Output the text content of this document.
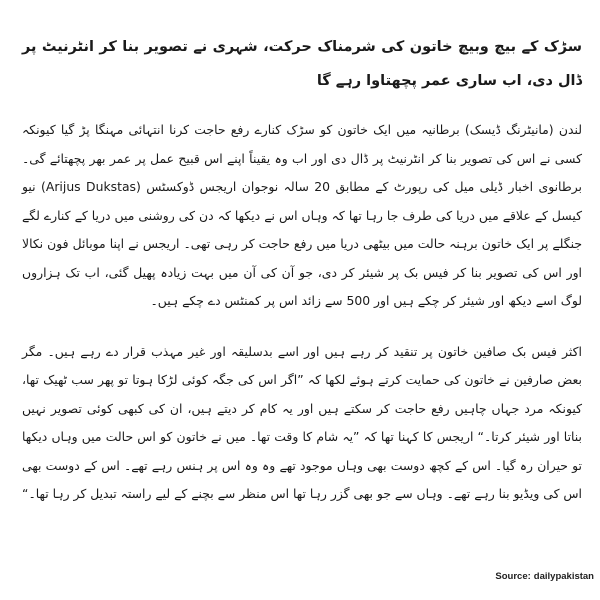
سڑک کے بیچ وبیچ خاتون کی شرمناک حرکت، شہری نے تصویر بنا کر انٹرنیٹ پر ڈال دی، اب ساری عمر پچھتاوا رہے گا

لندن (مانیٹرنگ ڈیسک) برطانیہ میں ایک خاتون کو سڑک کنارے رفع حاجت کرنا انتہائی مہنگا پڑ گیا کیونکہ کسی نے اس کی تصویر بنا کر انٹرنیٹ پر ڈال دی اور اب وہ یقیناً اپنے اس قبیح عمل پر عمر بھر پچھتائے گی۔ برطانوی اخبار ڈیلی میل کی رپورٹ کے مطابق 20 سالہ نوجوان اریجس ڈوکسٹس (Arijus Dukstas) نیو کیسل کے علاقے میں دریا کی طرف جا رہا تھا کہ وہاں اس نے دیکھا کہ دن کی روشنی میں دریا کے کنارے لگے جنگلے پر ایک خاتون برہنہ حالت میں بیٹھی دریا میں رفع حاجت کر رہی تھی۔ اریجس نے اپنا موبائل فون نکالا اور اس کی تصویر بنا کر فیس بک پر شیئر کر دی، جو آن کی آن میں بہت زیادہ پھیل گئی، اب تک ہزاروں لوگ اسے دیکھ اور شیئر کر چکے ہیں اور 500 سے زائد اس پر کمنٹس دے چکے ہیں۔

اکثر فیس بک صافین خاتون پر تنقید کر رہے ہیں اور اسے بدسلیقہ اور غیر مہذب قرار دے رہے ہیں۔ مگر بعض صارفین نے خاتون کی حمایت کرتے ہوئے لکھا کہ ”اگر اس کی جگہ کوئی لڑکا ہوتا تو پھر سب ٹھیک تھا، کیونکہ مرد جہاں چاہیں رفع حاجت کر سکتے ہیں اور یہ کام کر دیتے ہیں، ان کی کبھی کوئی تصویر نہیں بناتا اور شیئر کرتا۔“ اریجس کا کہنا تھا کہ ”یہ شام کا وقت تھا۔ میں نے خاتون کو اس حالت میں وہاں دیکھا تو حیران رہ گیا۔ اس کے کچھ دوست بھی وہاں موجود تھے وہ وہ اس پر ہنس رہے تھے۔ اس کے دوست بھی اس کی ویڈیو بنا رہے تھے۔ وہاں سے جو بھی گزر رہا تھا اس منظر سے بچنے کے لیے راستہ تبدیل کر رہا تھا۔“

Source: dailypakistan
